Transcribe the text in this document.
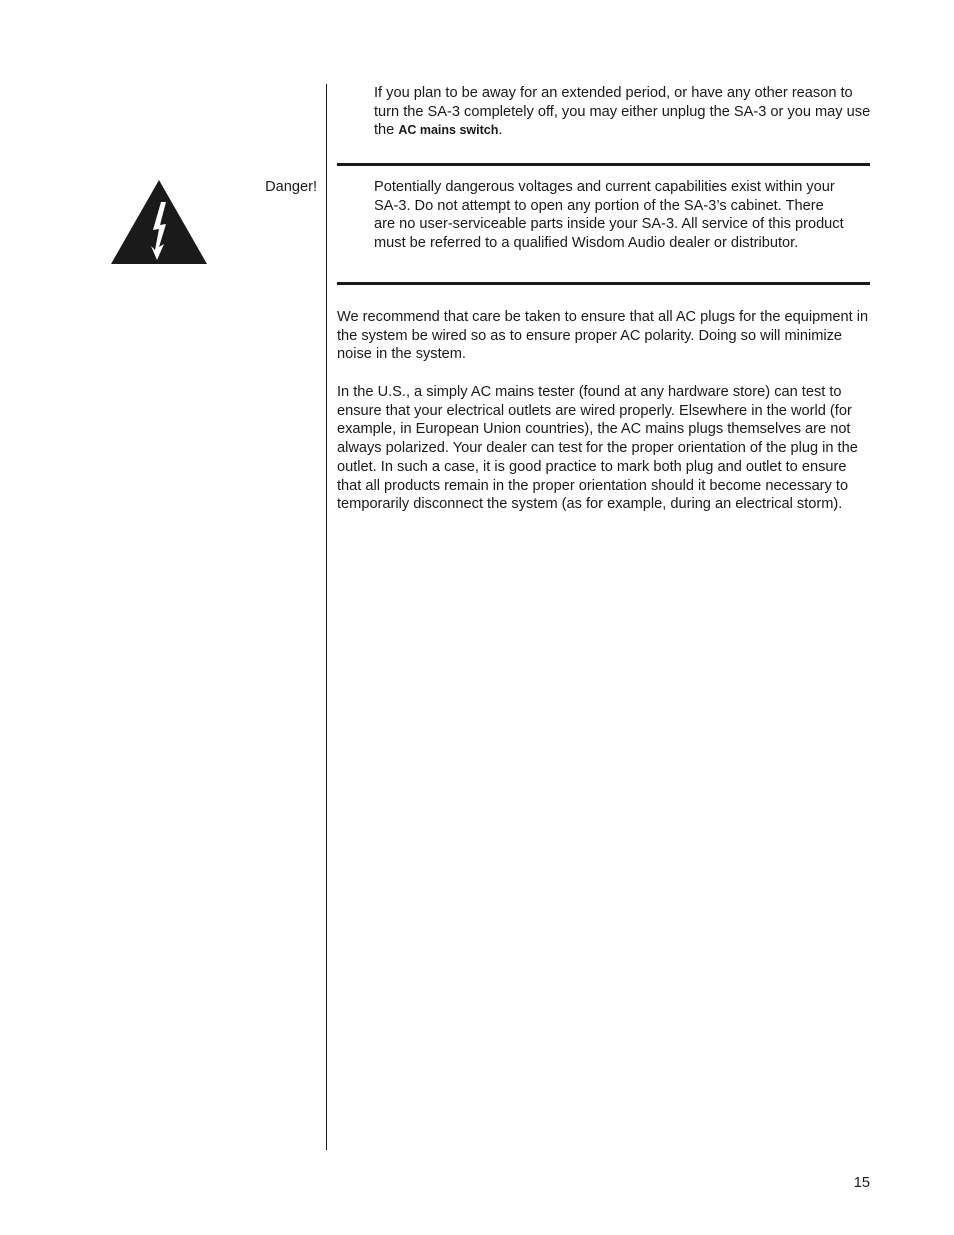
If you plan to be away for an extended period, or have any other reason to turn the SA-3 completely off, you may either unplug the SA-3 or you may use the AC mains switch.

Danger!	Potentially dangerous voltages and current capabilities exist within your SA-3. Do not attempt to open any portion of the SA-3’s cabinet. There are no user-serviceable parts inside your SA-3. All service of this product must be referred to a qualified Wisdom Audio dealer or distributor.

We recommend that care be taken to ensure that all AC plugs for the equipment in the system be wired so as to ensure proper AC polarity. Doing so will minimize noise in the system.

In the U.S., a simply AC mains tester (found at any hardware store) can test to ensure that your electrical outlets are wired properly. Elsewhere in the world (for example, in European Union countries), the AC mains plugs themselves are not always polarized. Your dealer can test for the proper orientation of the plug in the outlet. In such a case, it is good practice to mark both plug and outlet to ensure that all products remain in the proper orientation should it become necessary to temporarily disconnect the system (as for example, during an electrical storm).

15
